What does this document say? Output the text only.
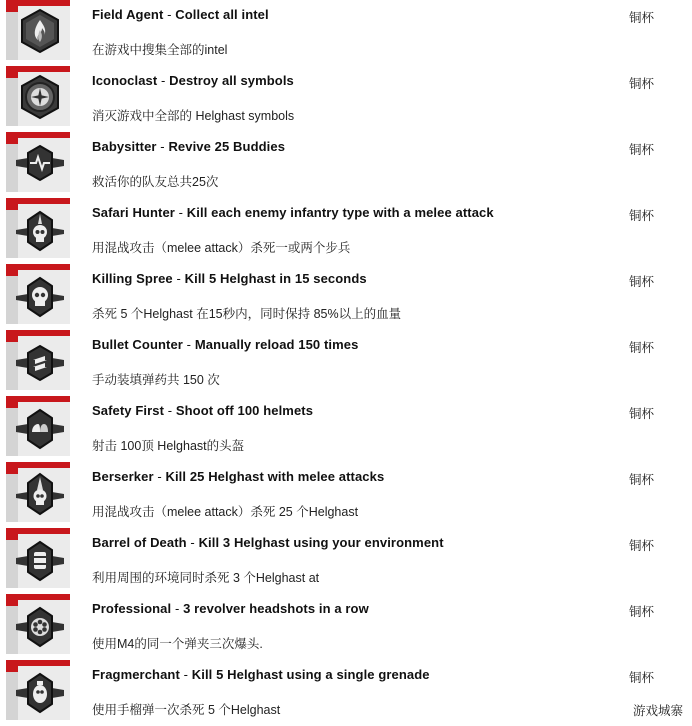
Field Agent - Collect all intel
在游戏中搜集全部的intel
铜杯
Iconoclast - Destroy all symbols
消灭游戏中全部的 Helghast symbols
铜杯
Babysitter - Revive 25 Buddies
救活你的队友总共25次
铜杯
Safari Hunter - Kill each enemy infantry type with a melee attack
用混战攻击（melee attack）杀死一或两个步兵
铜杯
Killing Spree - Kill 5 Helghast in 15 seconds
杀死 5 个Helghast 在15秒内，同时保持 85%以上的血量
铜杯
Bullet Counter - Manually reload 150 times
手动装填弹药共 150 次
铜杯
Safety First - Shoot off 100 helmets
射击 100顶 Helghast的头盔
铜杯
Berserker - Kill 25 Helghast with melee attacks
用混战攻击（melee attack）杀死 25 个Helghast
铜杯
Barrel of Death - Kill 3 Helghast using your environment
利用周围的环境同时杀死 3 个Helghast at
铜杯
Professional - 3 revolver headshots in a row
使用M4的同一个弹夹三次爆头.
铜杯
Fragmerchant - Kill 5 Helghast using a single grenade
使用手榴弹一次杀死 5 个Helghast
铜杯
游戏城寨
